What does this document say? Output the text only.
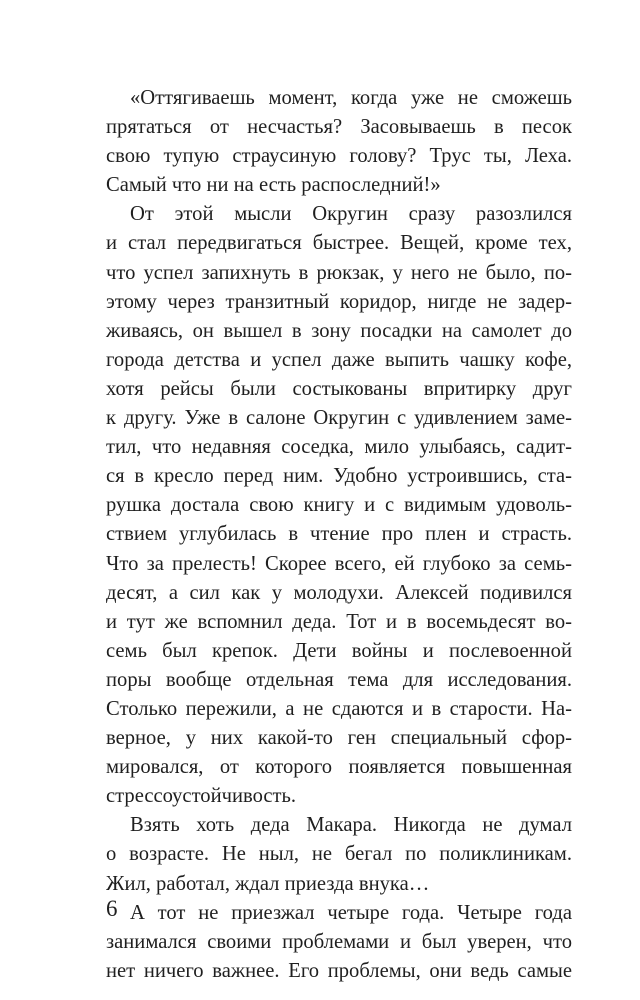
«Оттягиваешь момент, когда уже не сможешь
прятаться от несчастья? Засовываешь в песок
свою тупую страусиную голову? Трус ты, Леха.
Самый что ни на есть распоследний!»
От этой мысли Округин сразу разозлился
и стал передвигаться быстрее. Вещей, кроме тех,
что успел запихнуть в рюкзак, у него не было, по-
этому через транзитный коридор, нигде не задер-
живаясь, он вышел в зону посадки на самолет до
города детства и успел даже выпить чашку кофе,
хотя рейсы были состыкованы впритирку друг
к другу. Уже в салоне Округин с удивлением заме-
тил, что недавняя соседка, мило улыбаясь, садит-
ся в кресло перед ним. Удобно устроившись, ста-
рушка достала свою книгу и с видимым удоволь-
ствием углубилась в чтение про плен и страсть.
Что за прелесть! Скорее всего, ей глубоко за семь-
десят, а сил как у молодухи. Алексей подивился
и тут же вспомнил деда. Тот и в восемьдесят во-
семь был крепок. Дети войны и послевоенной
поры вообще отдельная тема для исследования.
Столько пережили, а не сдаются и в старости. На-
верное, у них какой-то ген специальный сфор-
мировался, от которого появляется повышенная
стрессоустойчивость.
Взять хоть деда Макара. Никогда не думал
о возрасте. Не ныл, не бегал по поликлиникам.
Жил, работал, ждал приезда внука…
А тот не приезжал четыре года. Четыре года
занимался своими проблемами и был уверен, что
нет ничего важнее. Его проблемы, они ведь самые
6
